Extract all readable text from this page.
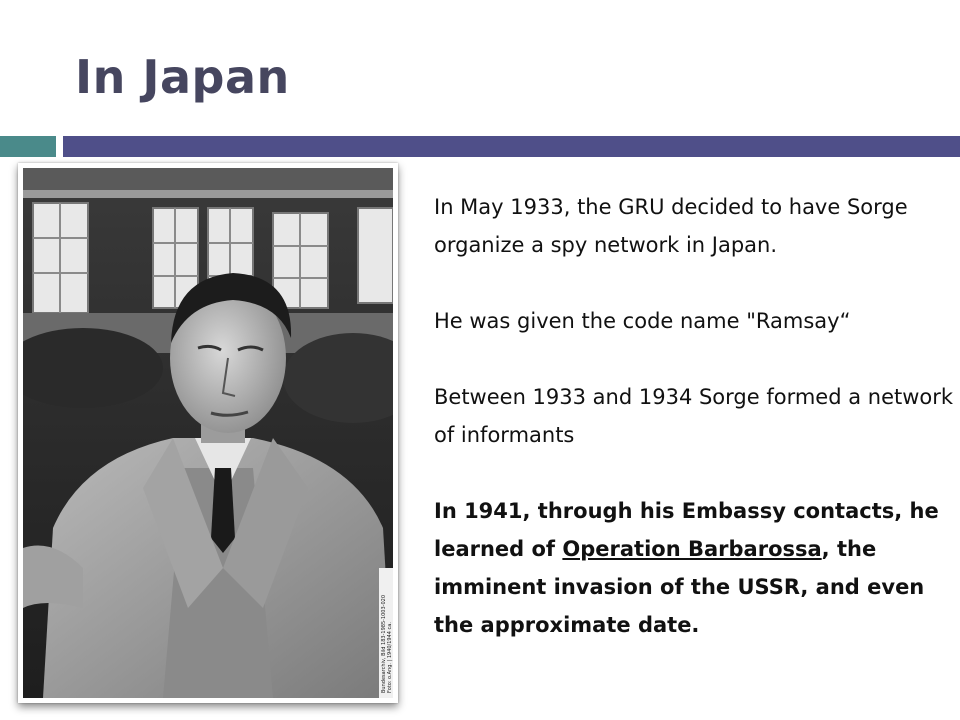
In Japan
Bundesarchiv, Bild 183-1985-1003-020 Foto: o.Ang. | 1940/1944 ca.

In May 1933, the GRU decided to have Sorge organize a spy network in Japan.

He was given the code name "Ramsay“

Between 1933 and 1934 Sorge formed a network of informants

In 1941, through his Embassy contacts, he learned of Operation Barbarossa, the imminent invasion of the USSR, and even the approximate date.
